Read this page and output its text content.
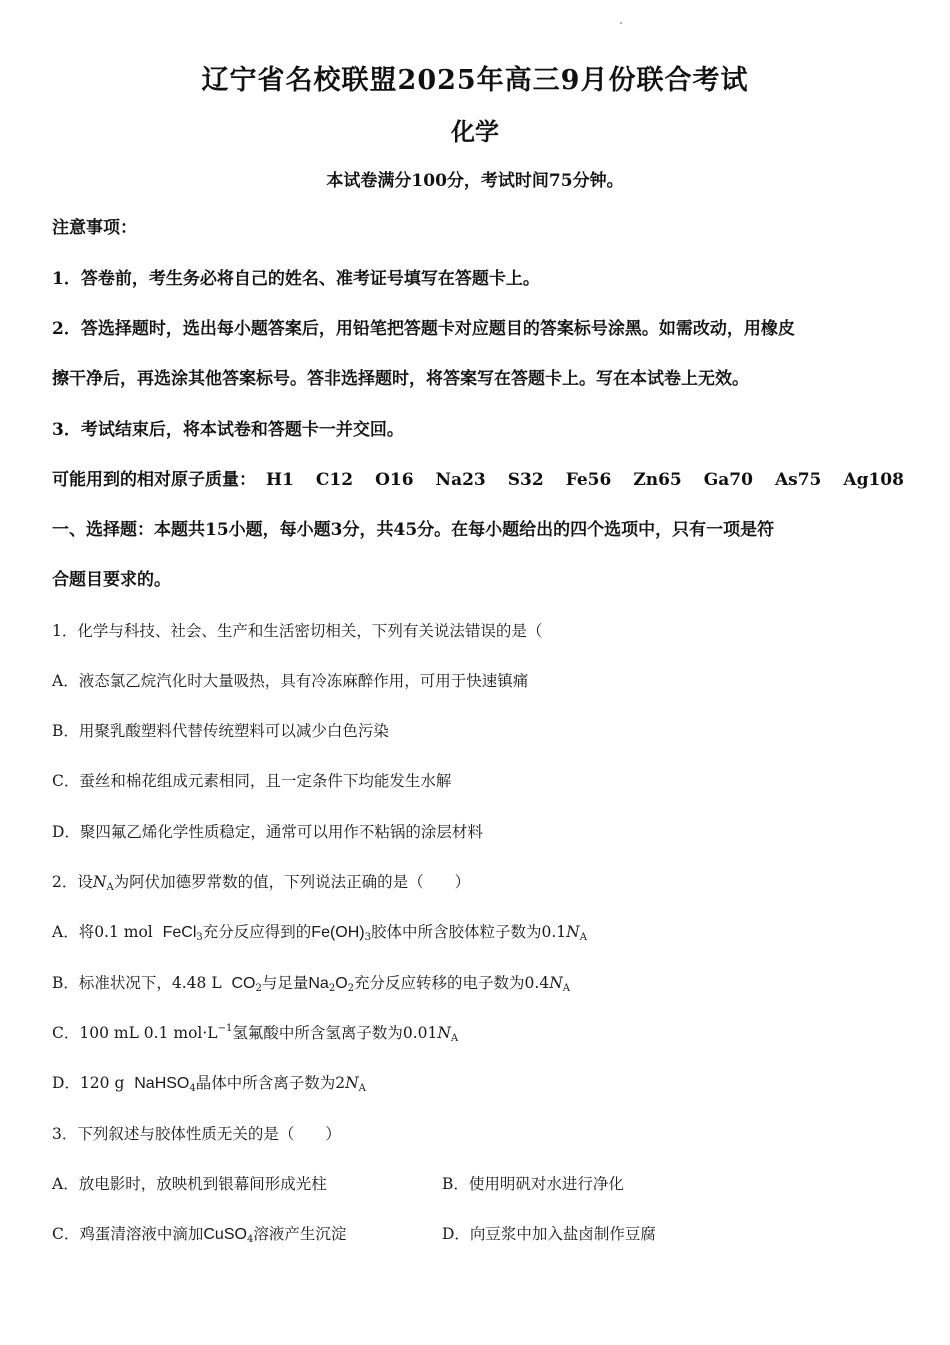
辽宁省名校联盟2025年高三9月份联合考试
化学
本试卷满分100分，考试时间75分钟。
注意事项：
1．答卷前，考生务必将自己的姓名、准考证号填写在答题卡上。
2．答选择题时，选出每小题答案后，用铅笔把答题卡对应题目的答案标号涂黑。如需改动，用橡皮
擦干净后，再选涂其他答案标号。答非选择题时，将答案写在答题卡上。写在本试卷上无效。
3．考试结束后，将本试卷和答题卡一并交回。
可能用到的相对原子质量： H1 C12 O16 Na23 S32 Fe56 Zn65 Ga70 As75 Ag108
一、选择题：本题共15小题，每小题3分，共45分。在每小题给出的四个选项中，只有一项是符
合题目要求的。
1．化学与科技、社会、生产和生活密切相关，下列有关说法错误的是（
A．液态氯乙烷汽化时大量吸热，具有冷冻麻醉作用，可用于快速镇痛
B．用聚乳酸塑料代替传统塑料可以减少白色污染
C．蚕丝和棉花组成元素相同，且一定条件下均能发生水解
D．聚四氟乙烯化学性质稳定，通常可以用作不粘锅的涂层材料
2．设$N_A$为阿伏加德罗常数的值，下列说法正确的是（　　）
A．将0.1 mol FeCl$_3$充分反应得到的$Fe(OH)_3$胶体中所含胶体粒子数为$0.1N_A$
B．标准状况下，4.48 L $CO_2$与足量$Na_2O_2$充分反应转移的电子数为$0.4N_A$
C．100 mL 0.1 $mol\cdot L^{-1}$氢氟酸中所含氢离子数为$0.01N_A$
D．120 g NaHSO$_4$晶体中所含离子数为$2N_A$
3．下列叙述与胶体性质无关的是（　　）
A．放电影时，放映机到银幕间形成光柱	B．使用明矾对水进行净化
C．鸡蛋清溶液中滴加CuSO$_4$溶液产生沉淀	D．向豆浆中加入盐卤制作豆腐
